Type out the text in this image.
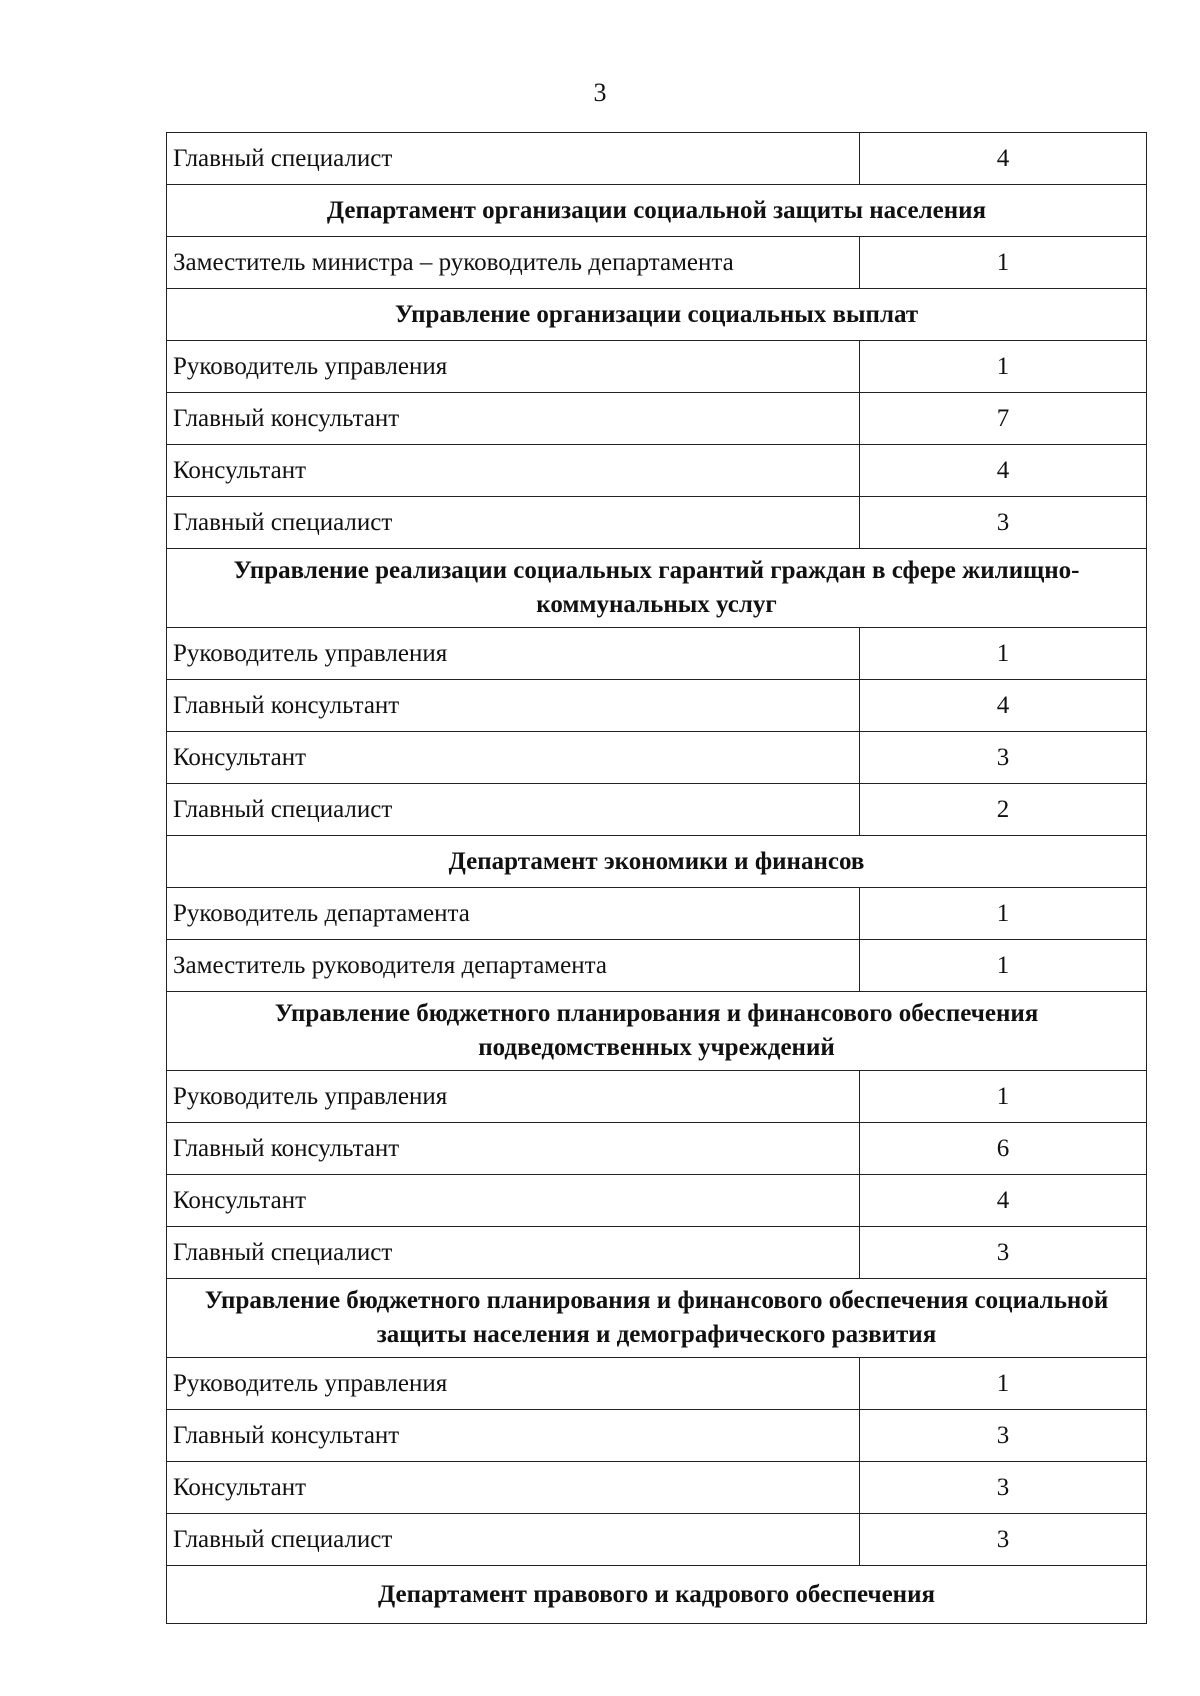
3
Главный специалист	4
Департамент организации социальной защиты населения	
Заместитель министра – руководитель департамента	1
Управление организации социальных выплат	
Руководитель управления	1
Главный консультант	7
Консультант	4
Главный специалист	3
Управление реализации социальных гарантий граждан в сфере жилищно-коммунальных услуг	
Руководитель управления	1
Главный консультант	4
Консультант	3
Главный специалист	2
Департамент экономики и финансов	
Руководитель департамента	1
Заместитель руководителя департамента	1
Управление бюджетного планирования и финансового обеспечения подведомственных учреждений	
Руководитель управления	1
Главный консультант	6
Консультант	4
Главный специалист	3
Управление бюджетного планирования и финансового обеспечения социальной защиты населения и демографического развития	
Руководитель управления	1
Главный консультант	3
Консультант	3
Главный специалист	3
Департамент правового и кадрового обеспечения	
